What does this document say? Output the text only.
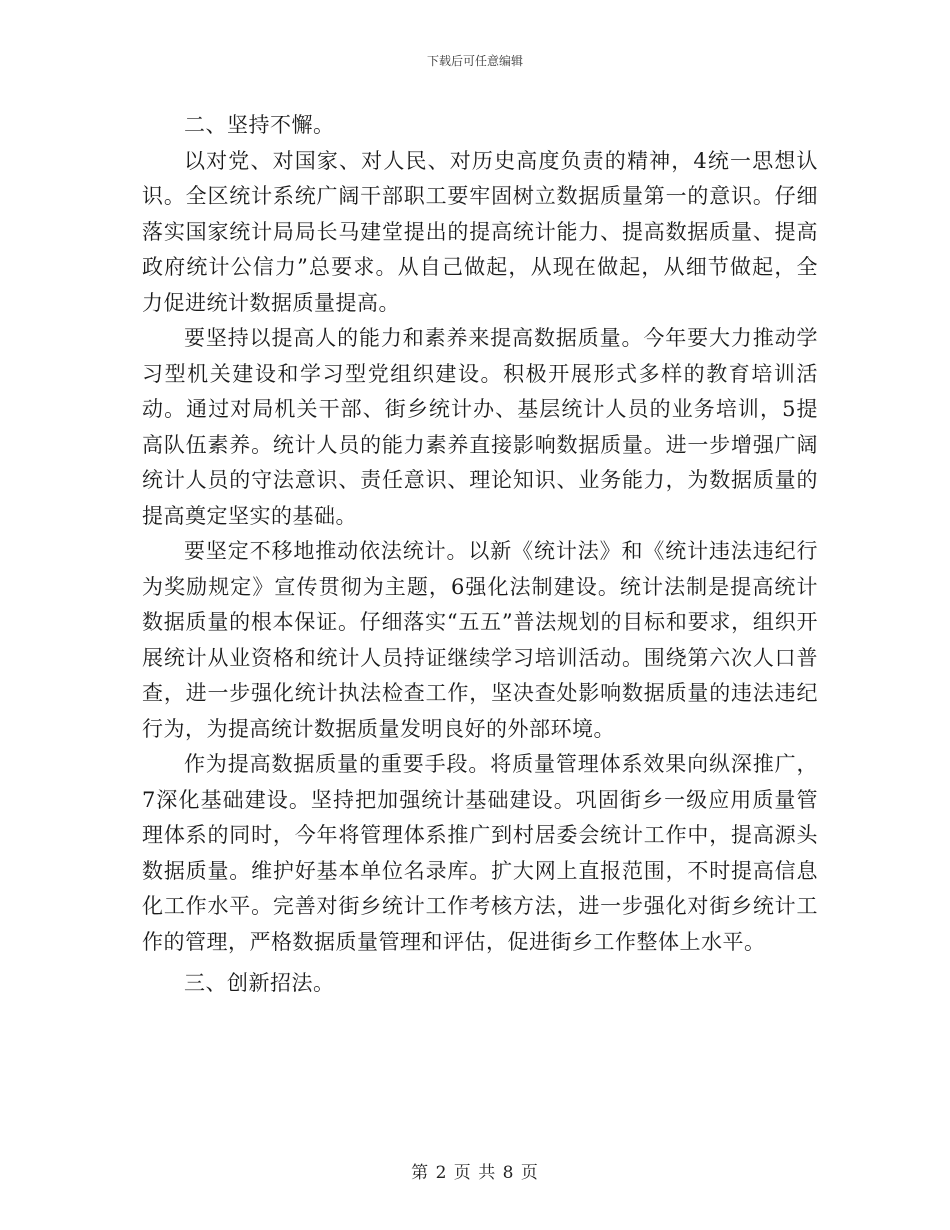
下载后可任意编辑

二、坚持不懈。

以对党、对国家、对人民、对历史高度负责的精神，4统一思想认识。全区统计系统广阔干部职工要牢固树立数据质量第一的意识。仔细落实国家统计局局长马建堂提出的提高统计能力、提高数据质量、提高政府统计公信力”总要求。从自己做起，从现在做起，从细节做起，全力促进统计数据质量提高。

要坚持以提高人的能力和素养来提高数据质量。今年要大力推动学习型机关建设和学习型党组织建设。积极开展形式多样的教育培训活动。通过对局机关干部、街乡统计办、基层统计人员的业务培训，5提高队伍素养。统计人员的能力素养直接影响数据质量。进一步增强广阔统计人员的守法意识、责任意识、理论知识、业务能力，为数据质量的提高奠定坚实的基础。

要坚定不移地推动依法统计。以新《统计法》和《统计违法违纪行为奖励规定》宣传贯彻为主题，6强化法制建设。统计法制是提高统计数据质量的根本保证。仔细落实“五五”普法规划的目标和要求，组织开展统计从业资格和统计人员持证继续学习培训活动。围绕第六次人口普查，进一步强化统计执法检查工作，坚决查处影响数据质量的违法违纪行为，为提高统计数据质量发明良好的外部环境。

作为提高数据质量的重要手段。将质量管理体系效果向纵深推广，7深化基础建设。坚持把加强统计基础建设。巩固街乡一级应用质量管理体系的同时，今年将管理体系推广到村居委会统计工作中，提高源头数据质量。维护好基本单位名录库。扩大网上直报范围，不时提高信息化工作水平。完善对街乡统计工作考核方法，进一步强化对街乡统计工作的管理，严格数据质量管理和评估，促进街乡工作整体上水平。

三、创新招法。

第 2 页 共 8 页
